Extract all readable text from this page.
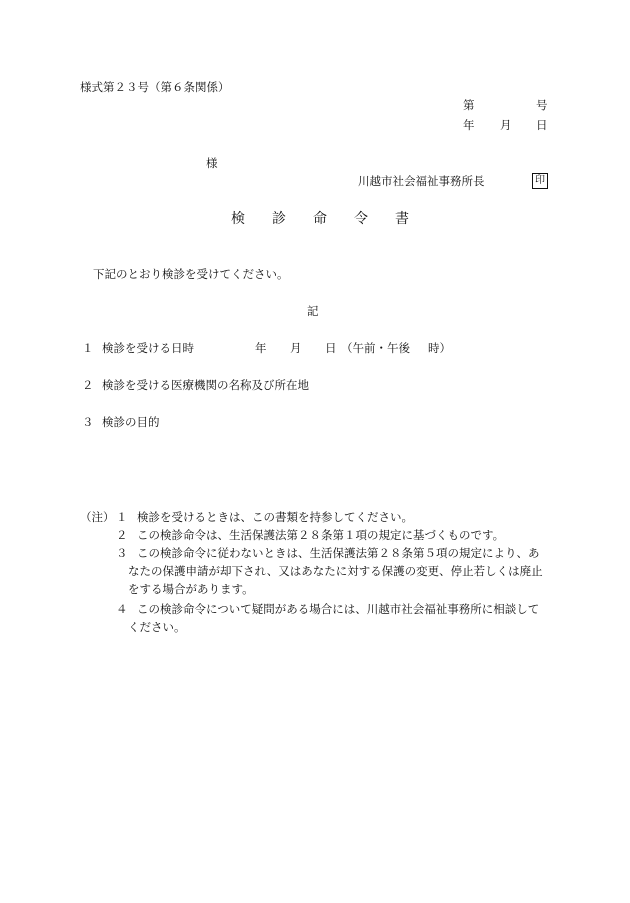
様式第２３号（第６条関係）
第	号
年 月 日
様
川越市社会福祉事務所長	印
検診命令書
下記のとおり検診を受けてください。
記
１ 検診を受ける日時	年 月 日 （午前・午後 時）
２ 検診を受ける医療機関の名称及び所在地
３ 検診の目的
（注） １ 検診を受けるときは、この書類を持参してください。
２ この検診命令は、生活保護法第２８条第１項の規定に基づくものです。
３ この検診命令に従わないときは、生活保護法第２８条第５項の規定により、あ
なたの保護申請が却下され、又はあなたに対する保護の変更、停止若しくは廃止
をする場合があります。
４ この検診命令について疑問がある場合には、川越市社会福祉事務所に相談して
ください。
